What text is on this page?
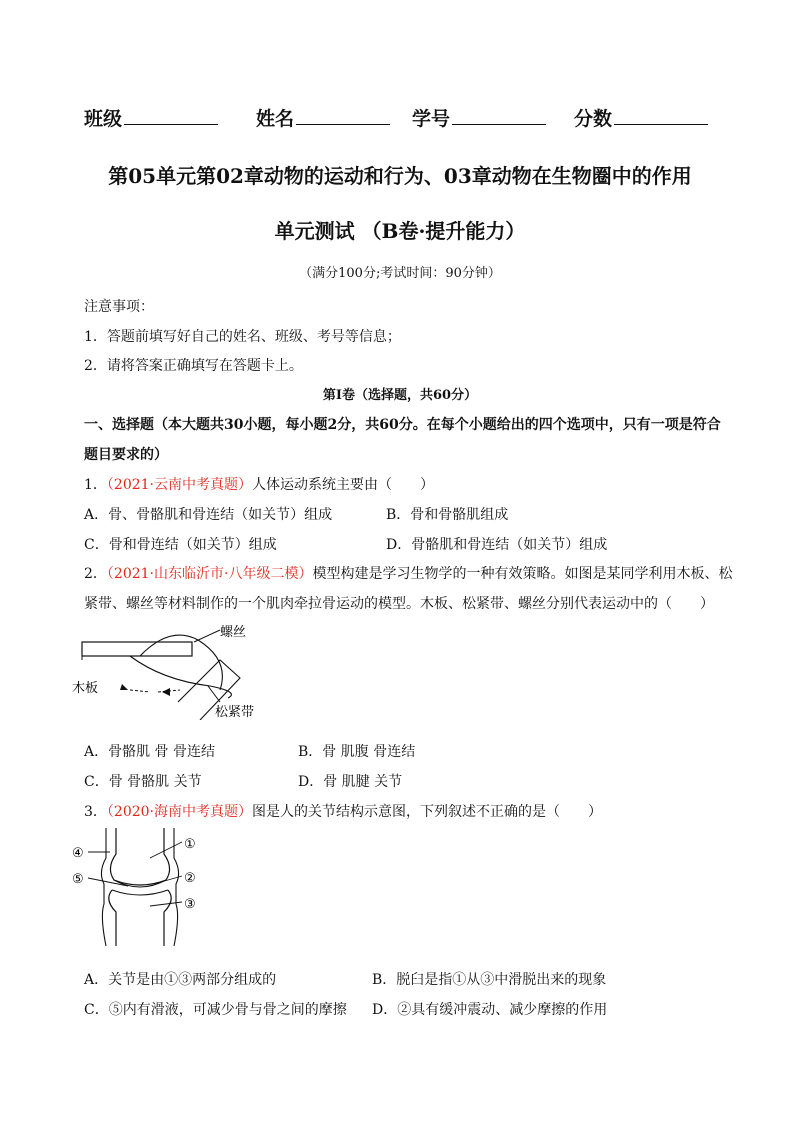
班级	姓名	学号	分数
第05单元第02章动物的运动和行为、03章动物在生物圈中的作用
单元测试 （B卷·提升能力）
（满分100分;考试时间：90分钟）
注意事项：
1．答题前填写好自己的姓名、班级、考号等信息；
2．请将答案正确填写在答题卡上。
第Ⅰ卷（选择题，共60分）
一、选择题（本大题共30小题，每小题2分，共60分。在每个小题给出的四个选项中，只有一项是符合
题目要求的）
1．（2021·云南中考真题）人体运动系统主要由（　　）
A．骨、骨骼肌和骨连结（如关节）组成	B．骨和骨骼肌组成
C．骨和骨连结（如关节）组成	D．骨骼肌和骨连结（如关节）组成
2．（2021·山东临沂市·八年级二模）模型构建是学习生物学的一种有效策略。如图是某同学利用木板、松
紧带、螺丝等材料制作的一个肌肉牵拉骨运动的模型。木板、松紧带、螺丝分别代表运动中的（　　）
螺丝
木板
松紧带
A．骨骼肌 骨 骨连结	B．骨 肌腹 骨连结
C．骨 骨骼肌 关节	D．骨 肌腱 关节
3．（2020·海南中考真题）图是人的关节结构示意图，下列叙述不正确的是（　　）
①
②
③
④
⑤
A．关节是由①③两部分组成的	B．脱臼是指①从③中滑脱出来的现象
C．⑤内有滑液，可减少骨与骨之间的摩擦 D．②具有缓冲震动、减少摩擦的作用
